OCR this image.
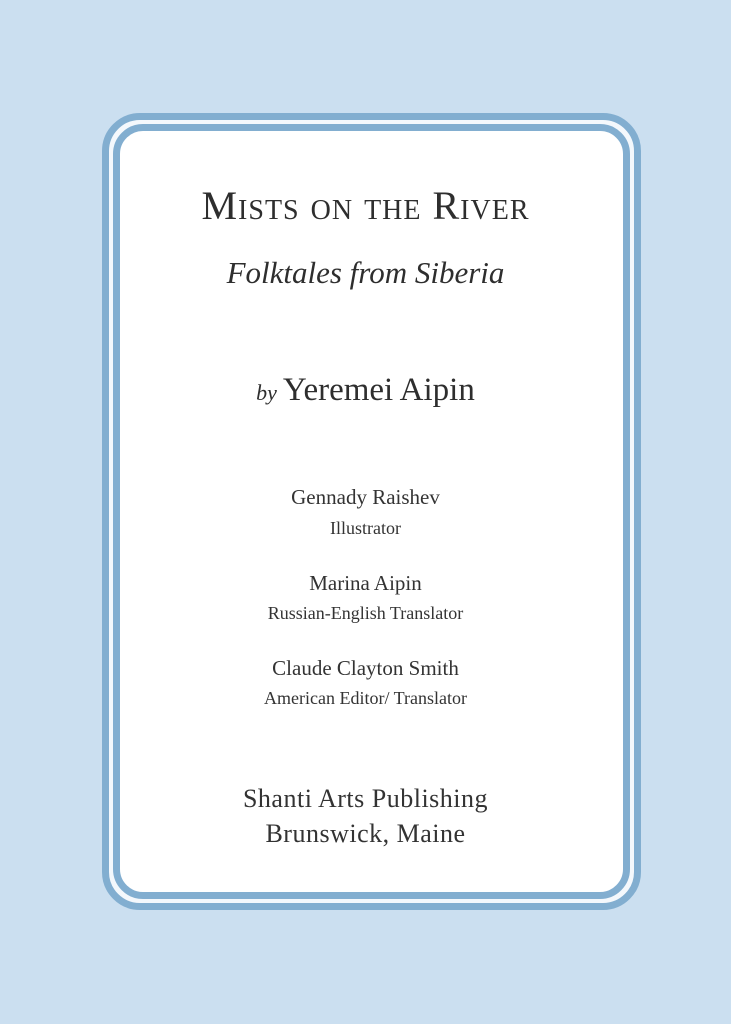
Mists on the River
Folktales from Siberia
by Yeremei Aipin
Gennady Raishev
Illustrator
Marina Aipin
Russian-English Translator
Claude Clayton Smith
American Editor/ Translator
Shanti Arts Publishing
Brunswick, Maine
